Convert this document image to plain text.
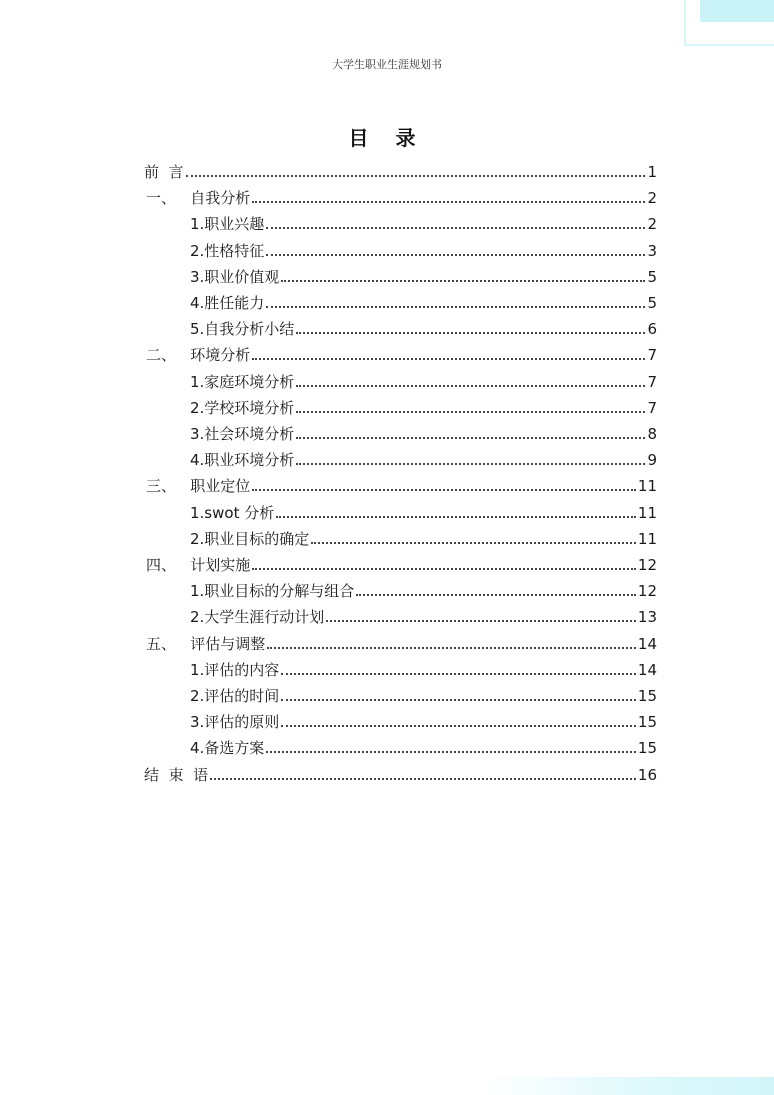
大学生职业生涯规划书
目 录
前  言	1
一、   自我分析	2
1.职业兴趣	2
2.性格特征	3
3.职业价值观	5
4.胜任能力	5
5.自我分析小结	6
二、   环境分析	7
1.家庭环境分析	7
2.学校环境分析	7
3.社会环境分析	8
4.职业环境分析	9
三、   职业定位	11
1.swot 分析	11
2.职业目标的确定	11
四、   计划实施	12
1.职业目标的分解与组合	12
2.大学生涯行动计划	13
五、   评估与调整	14
1.评估的内容	14
2.评估的时间	15
3.评估的原则	15
4.备选方案	15
结  束  语	16
